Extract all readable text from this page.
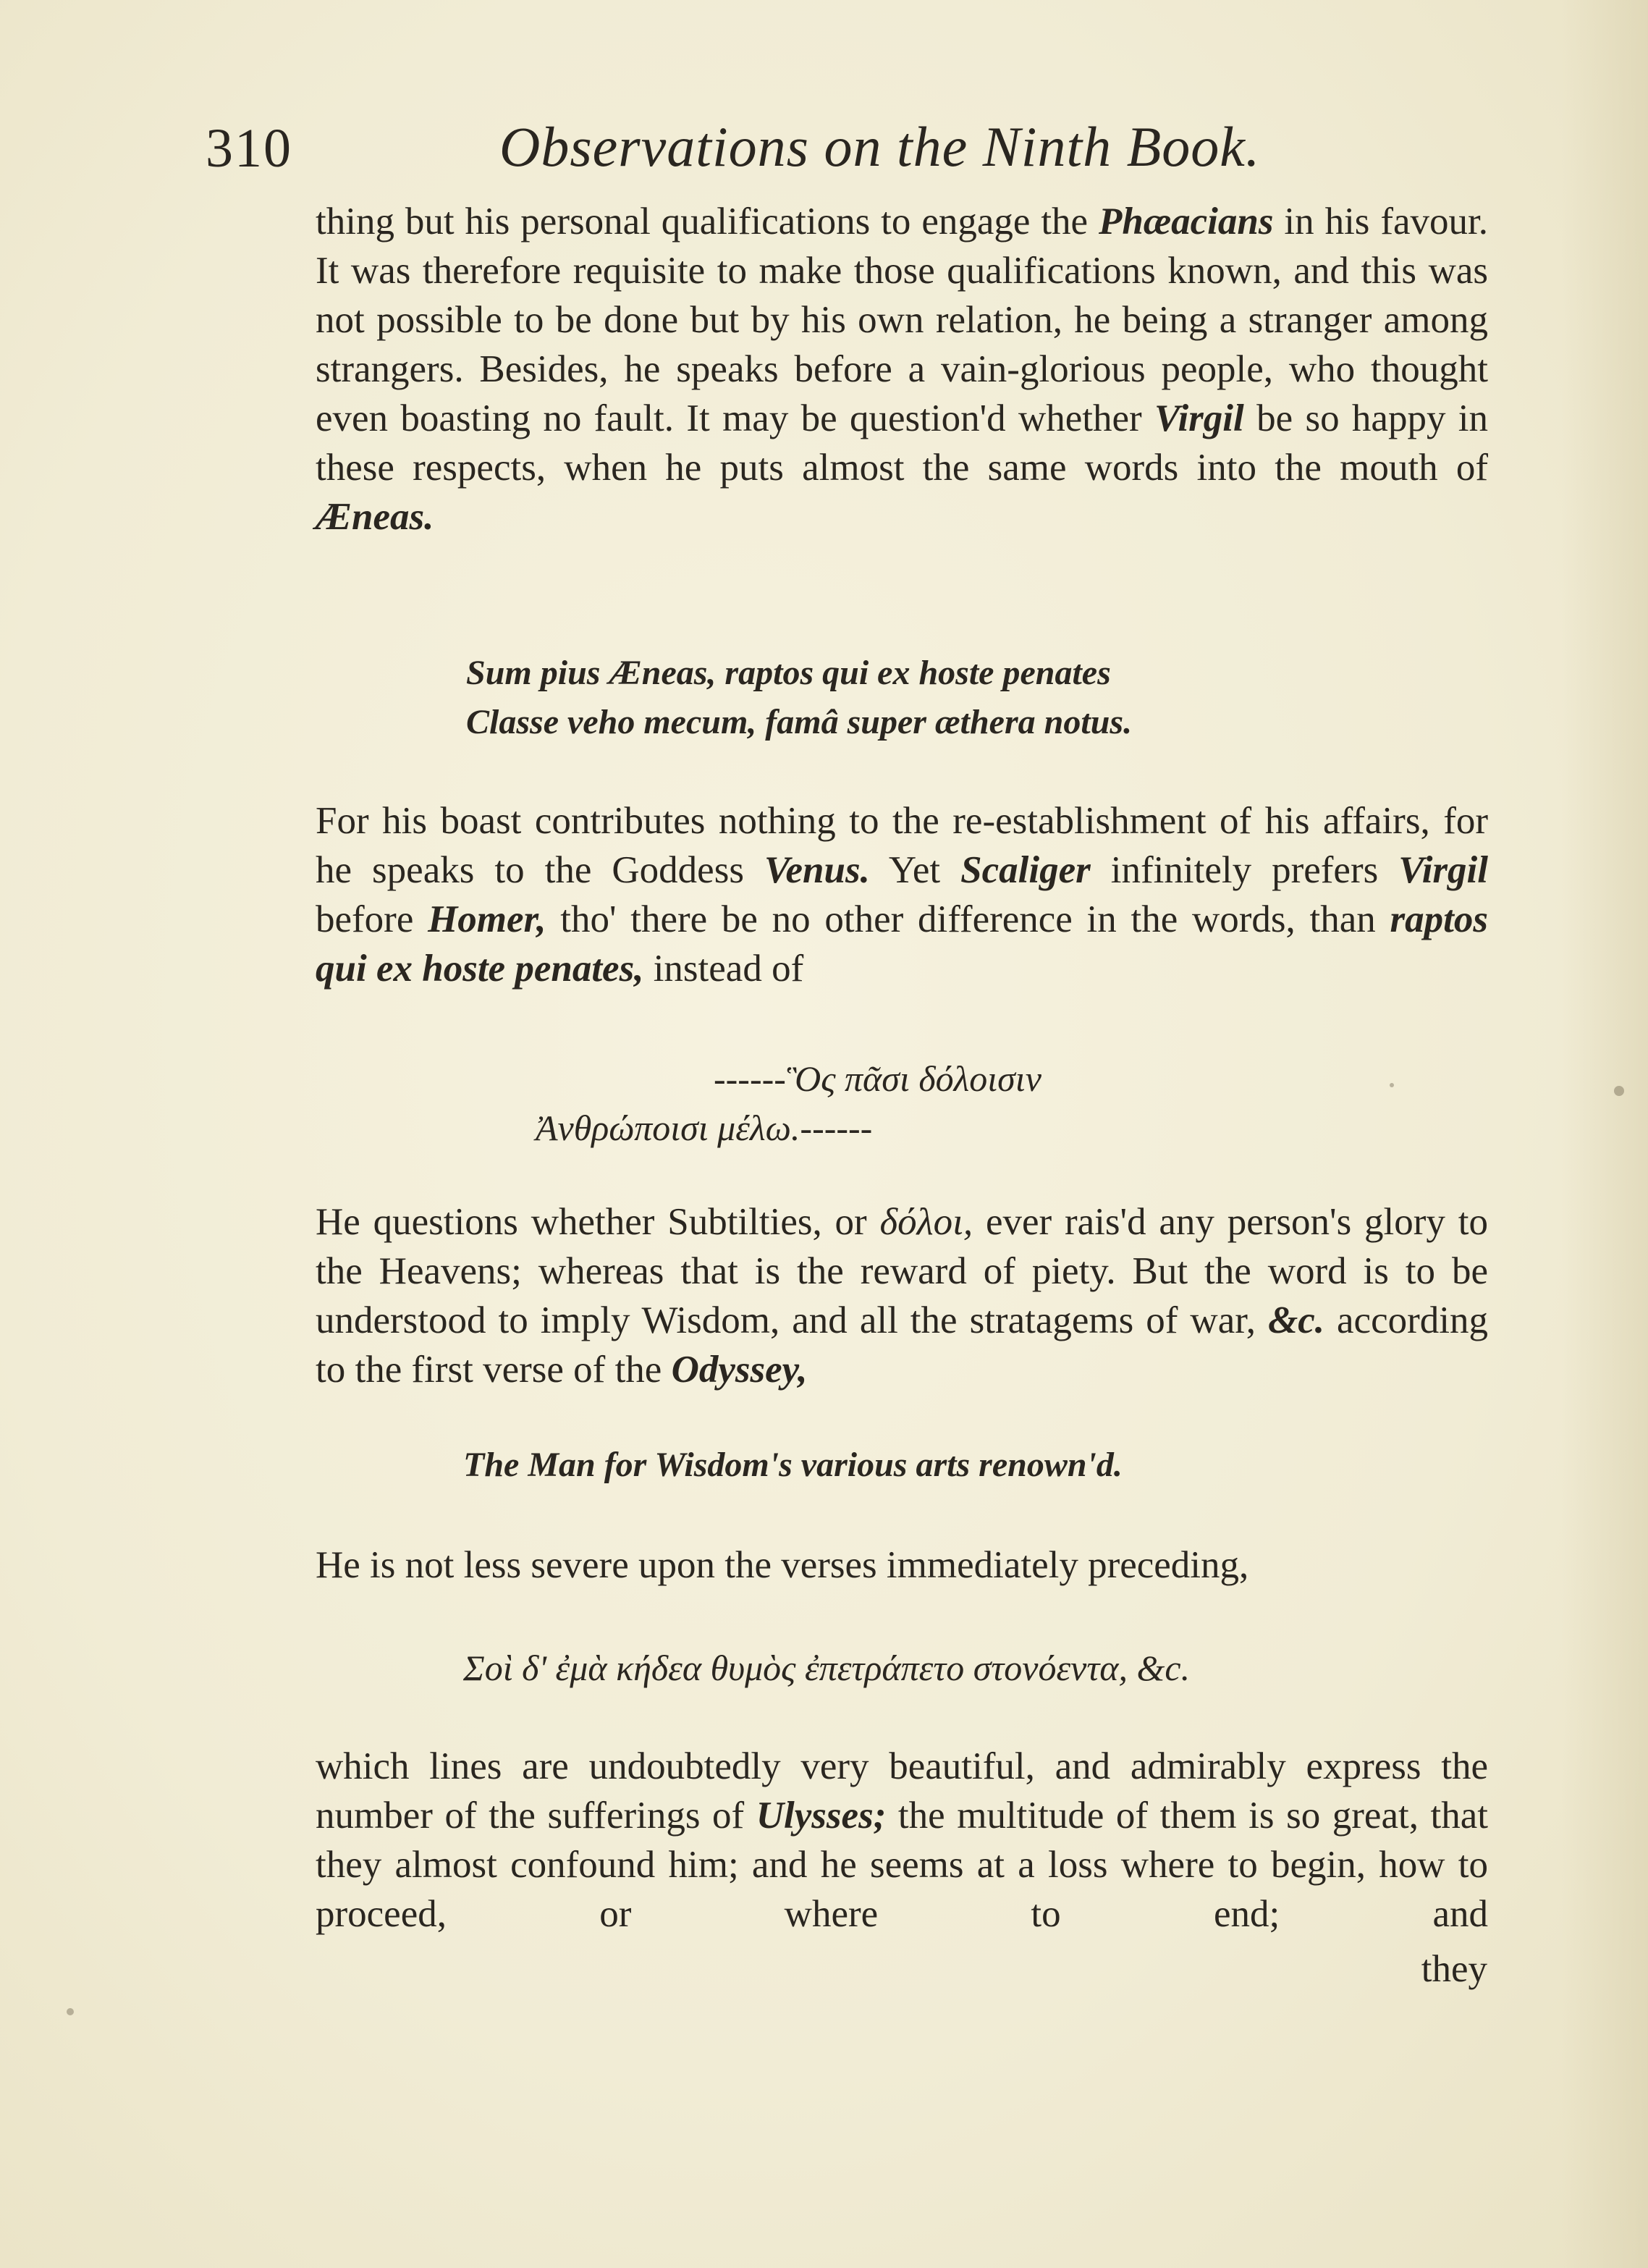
310	Observations on the Ninth Book.

thing but his personal qualifications to engage the Phæacians in his favour. It was therefore requisite to make those qualifications known, and this was not possible to be done but by his own relation, he being a stranger among strangers. Besides, he speaks before a vain-glorious people, who thought even boasting no fault. It may be question'd whether Virgil be so happy in these respects, when he puts almost the same words into the mouth of Æneas.

Sum pius Æneas, raptos qui ex hoste penates
Classe veho mecum, famâ super æthera notus.

For his boast contributes nothing to the re-establishment of his affairs, for he speaks to the Goddess Venus. Yet Scaliger infinitely prefers Virgil before Homer, tho' there be no other difference in the words, than raptos qui ex hoste penates, instead of

------Ὃς πᾶσι δόλοισιν
Ἀνθρώποισι μέλω.------

He questions whether Subtilties, or δόλοι, ever rais'd any person's glory to the Heavens; whereas that is the reward of piety. But the word is to be understood to imply Wisdom, and all the stratagems of war, &c. according to the first verse of the Odyssey,

The Man for Wisdom's various arts renown'd.

He is not less severe upon the verses immediately preceding,

Σοὶ δ' ἐμὰ κήδεα θυμὸς ἐπετράπετο στονόεντα, &c.

which lines are undoubtedly very beautiful, and admirably express the number of the sufferings of Ulysses; the multitude of them is so great, that they almost confound him; and he seems at a loss where to begin, how to proceed, or where to end; and

they
